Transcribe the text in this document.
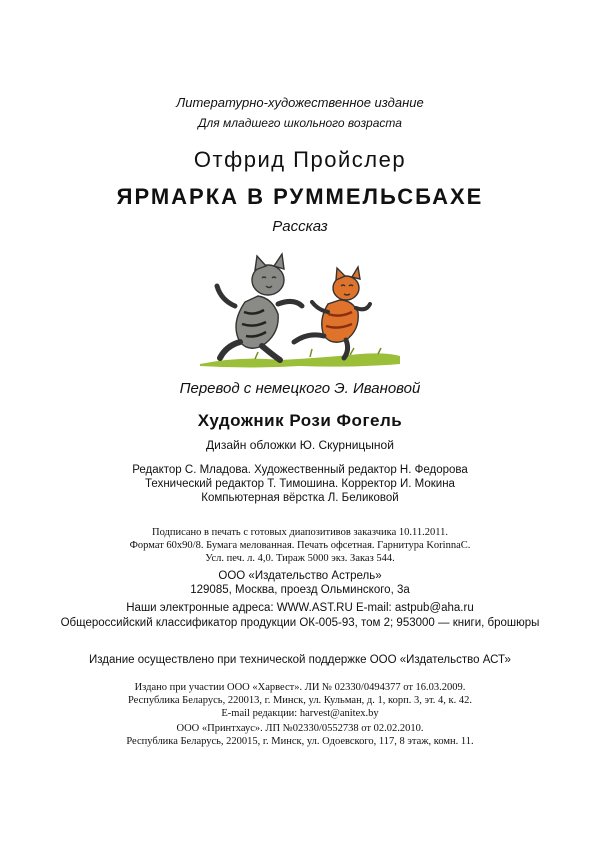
Литературно-художественное издание
Для младшего школьного возраста
Отфрид Пройслер
ЯРМАРКА В РУММЕЛЬСБАХЕ
Рассказ
Перевод с немецкого Э. Ивановой
Художник Рози Фогель
Дизайн обложки Ю. Скурницыной
Редактор С. Младова. Художественный редактор Н. Федорова
Технический редактор Т. Тимошина. Корректор И. Мокина
Компьютерная вёрстка Л. Беликовой
Подписано в печать с готовых диапозитивов заказчика 10.11.2011.
Формат 60x90/8. Бумага мелованная. Печать офсетная. Гарнитура KorinnaC.
Усл. печ. л. 4,0. Тираж 5000 экз. Заказ 544.
ООО «Издательство Астрель»
129085, Москва, проезд Ольминского, 3а
Наши электронные адреса: WWW.AST.RU E-mail: astpub@aha.ru
Общероссийский классификатор продукции ОК-005-93, том 2; 953000 — книги, брошюры
Издание осуществлено при технической поддержке ООО «Издательство АСТ»
Издано при участии ООО «Харвест». ЛИ № 02330/0494377 от 16.03.2009.
Республика Беларусь, 220013, г. Минск, ул. Кульман, д. 1, корп. 3, эт. 4, к. 42.
E-mail редакции: harvest@anitex.by
ООО «Принтхаус». ЛП №02330/0552738 от 02.02.2010.
Республика Беларусь, 220015, г. Минск, ул. Одоевского, 117, 8 этаж, комн. 11.
